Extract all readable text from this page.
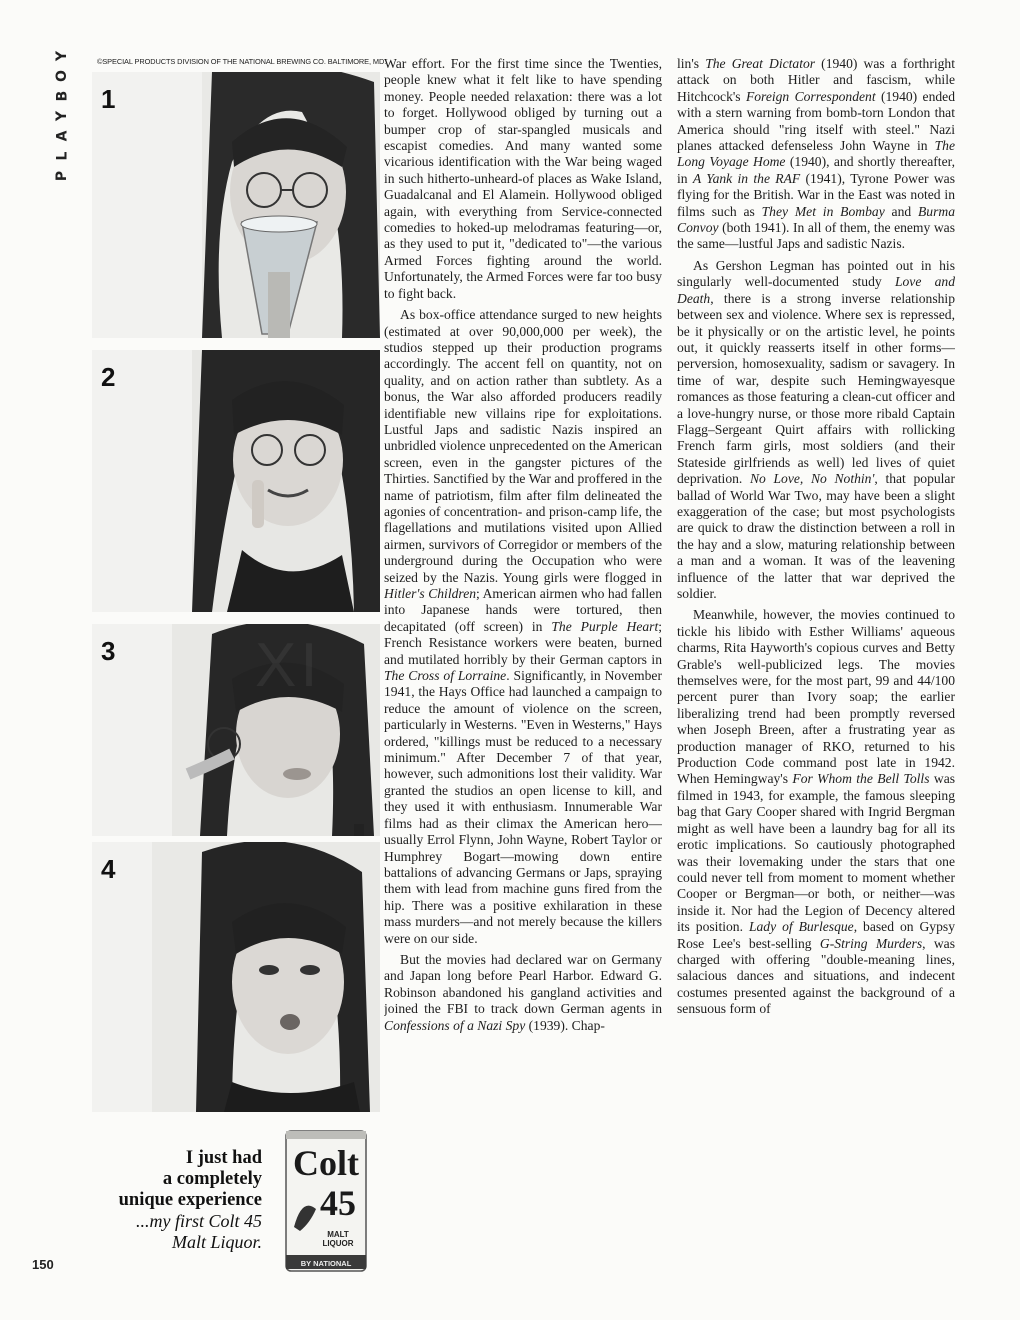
Y
O
B
Y
A
L
P
©SPECIAL PRODUCTS DIVISION OF THE NATIONAL BREWING CO. BALTIMORE, MD.
1
2
3
4
I just had
a completely
unique experience
...my first Colt 45
Malt Liquor.
Colt
45
MALT
LIQUOR
BY NATIONAL
150

War effort. For the first time since the Twenties, people knew what it felt like to have spending money. People needed relaxation: there was a lot to forget. Hollywood obliged by turning out a bumper crop of star-spangled musicals and escapist comedies. And many wanted some vicarious identification with the War being waged in such hitherto-unheard-of places as Wake Island, Guadalcanal and El Alamein. Hollywood obliged again, with everything from Service-connected comedies to hoked-up melodramas featuring—or, as they used to put it, "dedicated to"—the various Armed Forces fighting around the world. Unfortunately, the Armed Forces were far too busy to fight back.

As box-office attendance surged to new heights (estimated at over 90,000,000 per week), the studios stepped up their production programs accordingly. The accent fell on quantity, not on quality, and on action rather than subtlety. As a bonus, the War also afforded producers readily identifiable new villains ripe for exploitations. Lustful Japs and sadistic Nazis inspired an unbridled violence unprecedented on the American screen, even in the gangster pictures of the Thirties. Sanctified by the War and proffered in the name of patriotism, film after film delineated the agonies of concentration- and prison-camp life, the flagellations and mutilations visited upon Allied airmen, survivors of Corregidor or members of the underground during the Occupation who were seized by the Nazis. Young girls were flogged in Hitler's Children; American airmen who had fallen into Japanese hands were tortured, then decapitated (off screen) in The Purple Heart; French Resistance workers were beaten, burned and mutilated horribly by their German captors in The Cross of Lorraine. Significantly, in November 1941, the Hays Office had launched a campaign to reduce the amount of violence on the screen, particularly in Westerns. "Even in Westerns," Hays ordered, "killings must be reduced to a necessary minimum." After December 7 of that year, however, such admonitions lost their validity. War granted the studios an open license to kill, and they used it with enthusiasm. Innumerable War films had as their climax the American hero—usually Errol Flynn, John Wayne, Robert Taylor or Humphrey Bogart—mowing down entire battalions of advancing Germans or Japs, spraying them with lead from machine guns fired from the hip. There was a positive exhilaration in these mass murders—and not merely because the killers were on our side.

But the movies had declared war on Germany and Japan long before Pearl Harbor. Edward G. Robinson abandoned his gangland activities and joined the FBI to track down German agents in Confessions of a Nazi Spy (1939). Chap-

lin's The Great Dictator (1940) was a forthright attack on both Hitler and fascism, while Hitchcock's Foreign Correspondent (1940) ended with a stern warning from bomb-torn London that America should "ring itself with steel." Nazi planes attacked defenseless John Wayne in The Long Voyage Home (1940), and shortly thereafter, in A Yank in the RAF (1941), Tyrone Power was flying for the British. War in the East was noted in films such as They Met in Bombay and Burma Convoy (both 1941). In all of them, the enemy was the same—lustful Japs and sadistic Nazis.

As Gershon Legman has pointed out in his singularly well-documented study Love and Death, there is a strong inverse relationship between sex and violence. Where sex is repressed, be it physically or on the artistic level, he points out, it quickly reasserts itself in other forms—perversion, homosexuality, sadism or savagery. In time of war, despite such Hemingwayesque romances as those featuring a clean-cut officer and a love-hungry nurse, or those more ribald Captain Flagg–Sergeant Quirt affairs with rollicking French farm girls, most soldiers (and their Stateside girlfriends as well) led lives of quiet deprivation. No Love, No Nothin', that popular ballad of World War Two, may have been a slight exaggeration of the case; but most psychologists are quick to draw the distinction between a roll in the hay and a slow, maturing relationship between a man and a woman. It was of the leavening influence of the latter that war deprived the soldier.

Meanwhile, however, the movies continued to tickle his libido with Esther Williams' aqueous charms, Rita Hayworth's copious curves and Betty Grable's well-publicized legs. The movies themselves were, for the most part, 99 and 44/100 percent purer than Ivory soap; the earlier liberalizing trend had been promptly reversed when Joseph Breen, after a frustrating year as production manager of RKO, returned to his Production Code command post late in 1942. When Hemingway's For Whom the Bell Tolls was filmed in 1943, for example, the famous sleeping bag that Gary Cooper shared with Ingrid Bergman might as well have been a laundry bag for all its erotic implications. So cautiously photographed was their lovemaking under the stars that one could never tell from moment to moment whether Cooper or Bergman—or both, or neither—was inside it. Nor had the Legion of Decency altered its position. Lady of Burlesque, based on Gypsy Rose Lee's best-selling G-String Murders, was charged with offering "double-meaning lines, salacious dances and situations, and indecent costumes presented against the background of a sensuous form of
